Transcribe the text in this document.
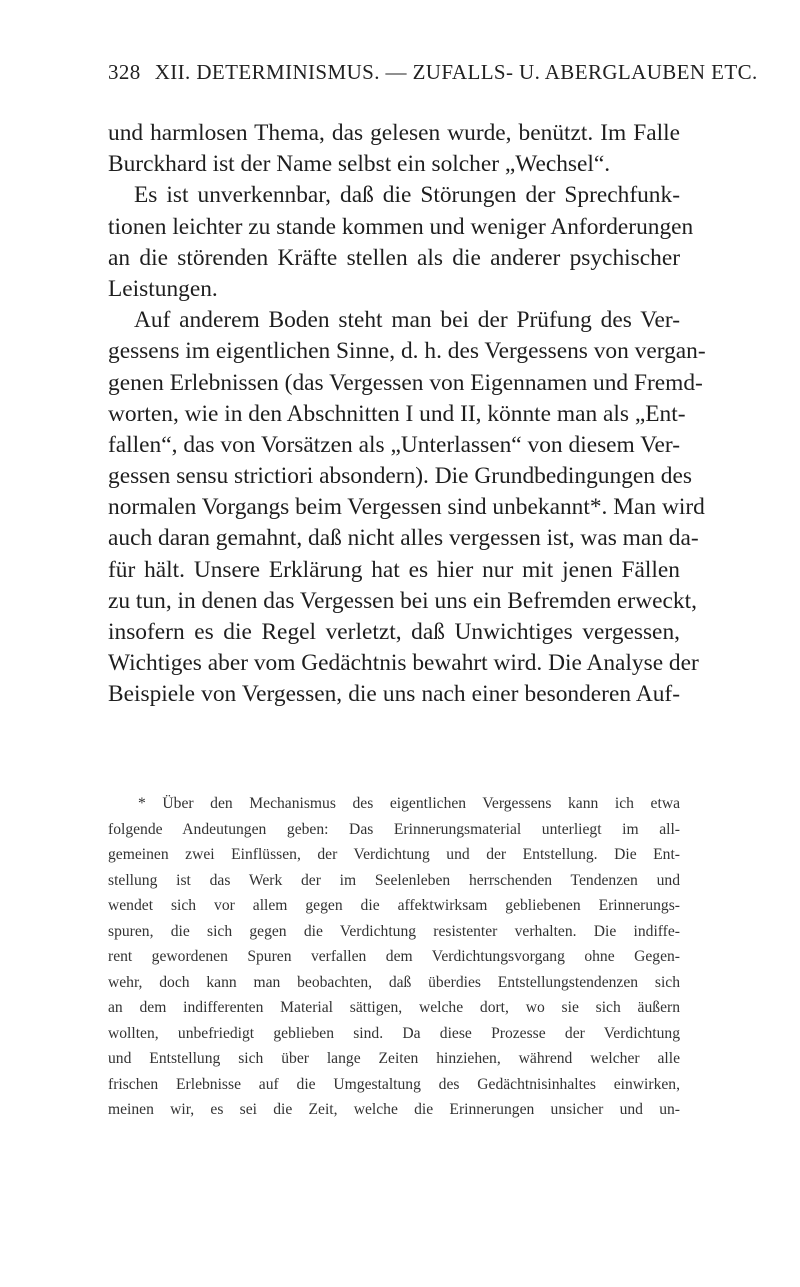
328 XII. DETERMINISMUS. — ZUFALLS- U. ABERGLAUBEN ETC.
und harmlosen Thema, das gelesen wurde, benützt. Im Falle
Burckhard ist der Name selbst ein solcher „Wechsel“.
Es ist unverkennbar, daß die Störungen der Sprechfunk-
tionen leichter zu stande kommen und weniger Anforderungen
an die störenden Kräfte stellen als die anderer psychischer
Leistungen.
Auf anderem Boden steht man bei der Prüfung des Ver-
gessens im eigentlichen Sinne, d. h. des Vergessens von vergan-
genen Erlebnissen (das Vergessen von Eigennamen und Fremd-
worten, wie in den Abschnitten I und II, könnte man als „Ent-
fallen“, das von Vorsätzen als „Unterlassen“ von diesem Ver-
gessen sensu strictiori absondern). Die Grundbedingungen des
normalen Vorgangs beim Vergessen sind unbekannt*. Man wird
auch daran gemahnt, daß nicht alles vergessen ist, was man da-
für hält. Unsere Erklärung hat es hier nur mit jenen Fällen
zu tun, in denen das Vergessen bei uns ein Befremden erweckt,
insofern es die Regel verletzt, daß Unwichtiges vergessen,
Wichtiges aber vom Gedächtnis bewahrt wird. Die Analyse der
Beispiele von Vergessen, die uns nach einer besonderen Auf-
* Über den Mechanismus des eigentlichen Vergessens kann ich etwa
folgende Andeutungen geben: Das Erinnerungsmaterial unterliegt im all-
gemeinen zwei Einflüssen, der Verdichtung und der Entstellung. Die Ent-
stellung ist das Werk der im Seelenleben herrschenden Tendenzen und
wendet sich vor allem gegen die affektwirksam gebliebenen Erinnerungs-
spuren, die sich gegen die Verdichtung resistenter verhalten. Die indiffe-
rent gewordenen Spuren verfallen dem Verdichtungsvorgang ohne Gegen-
wehr, doch kann man beobachten, daß überdies Entstellungstendenzen sich
an dem indifferenten Material sättigen, welche dort, wo sie sich äußern
wollten, unbefriedigt geblieben sind. Da diese Prozesse der Verdichtung
und Entstellung sich über lange Zeiten hinziehen, während welcher alle
frischen Erlebnisse auf die Umgestaltung des Gedächtnisinhaltes einwirken,
meinen wir, es sei die Zeit, welche die Erinnerungen unsicher und un-
